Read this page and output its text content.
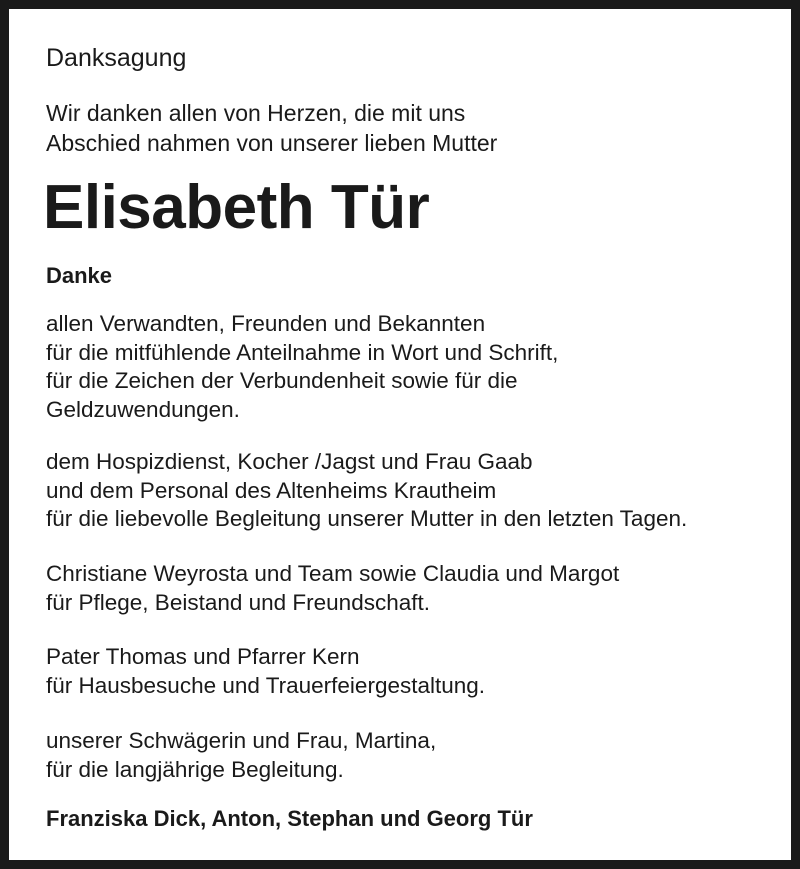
Danksagung

Wir danken allen von Herzen, die mit uns
Abschied nahmen von unserer lieben Mutter

Elisabeth Tür

Danke

allen Verwandten, Freunden und Bekannten
für die mitfühlende Anteilnahme in Wort und Schrift,
für die Zeichen der Verbundenheit sowie für die
Geldzuwendungen.

dem Hospizdienst, Kocher /Jagst und Frau Gaab
und dem Personal des Altenheims Krautheim
für die liebevolle Begleitung unserer Mutter in den letzten Tagen.

Christiane Weyrosta und Team sowie Claudia und Margot
für Pflege, Beistand und Freundschaft.

Pater Thomas und Pfarrer Kern
für Hausbesuche und Trauerfeiergestaltung.

unserer Schwägerin und Frau, Martina,
für die langjährige Begleitung.

Franziska Dick, Anton, Stephan und Georg Tür
